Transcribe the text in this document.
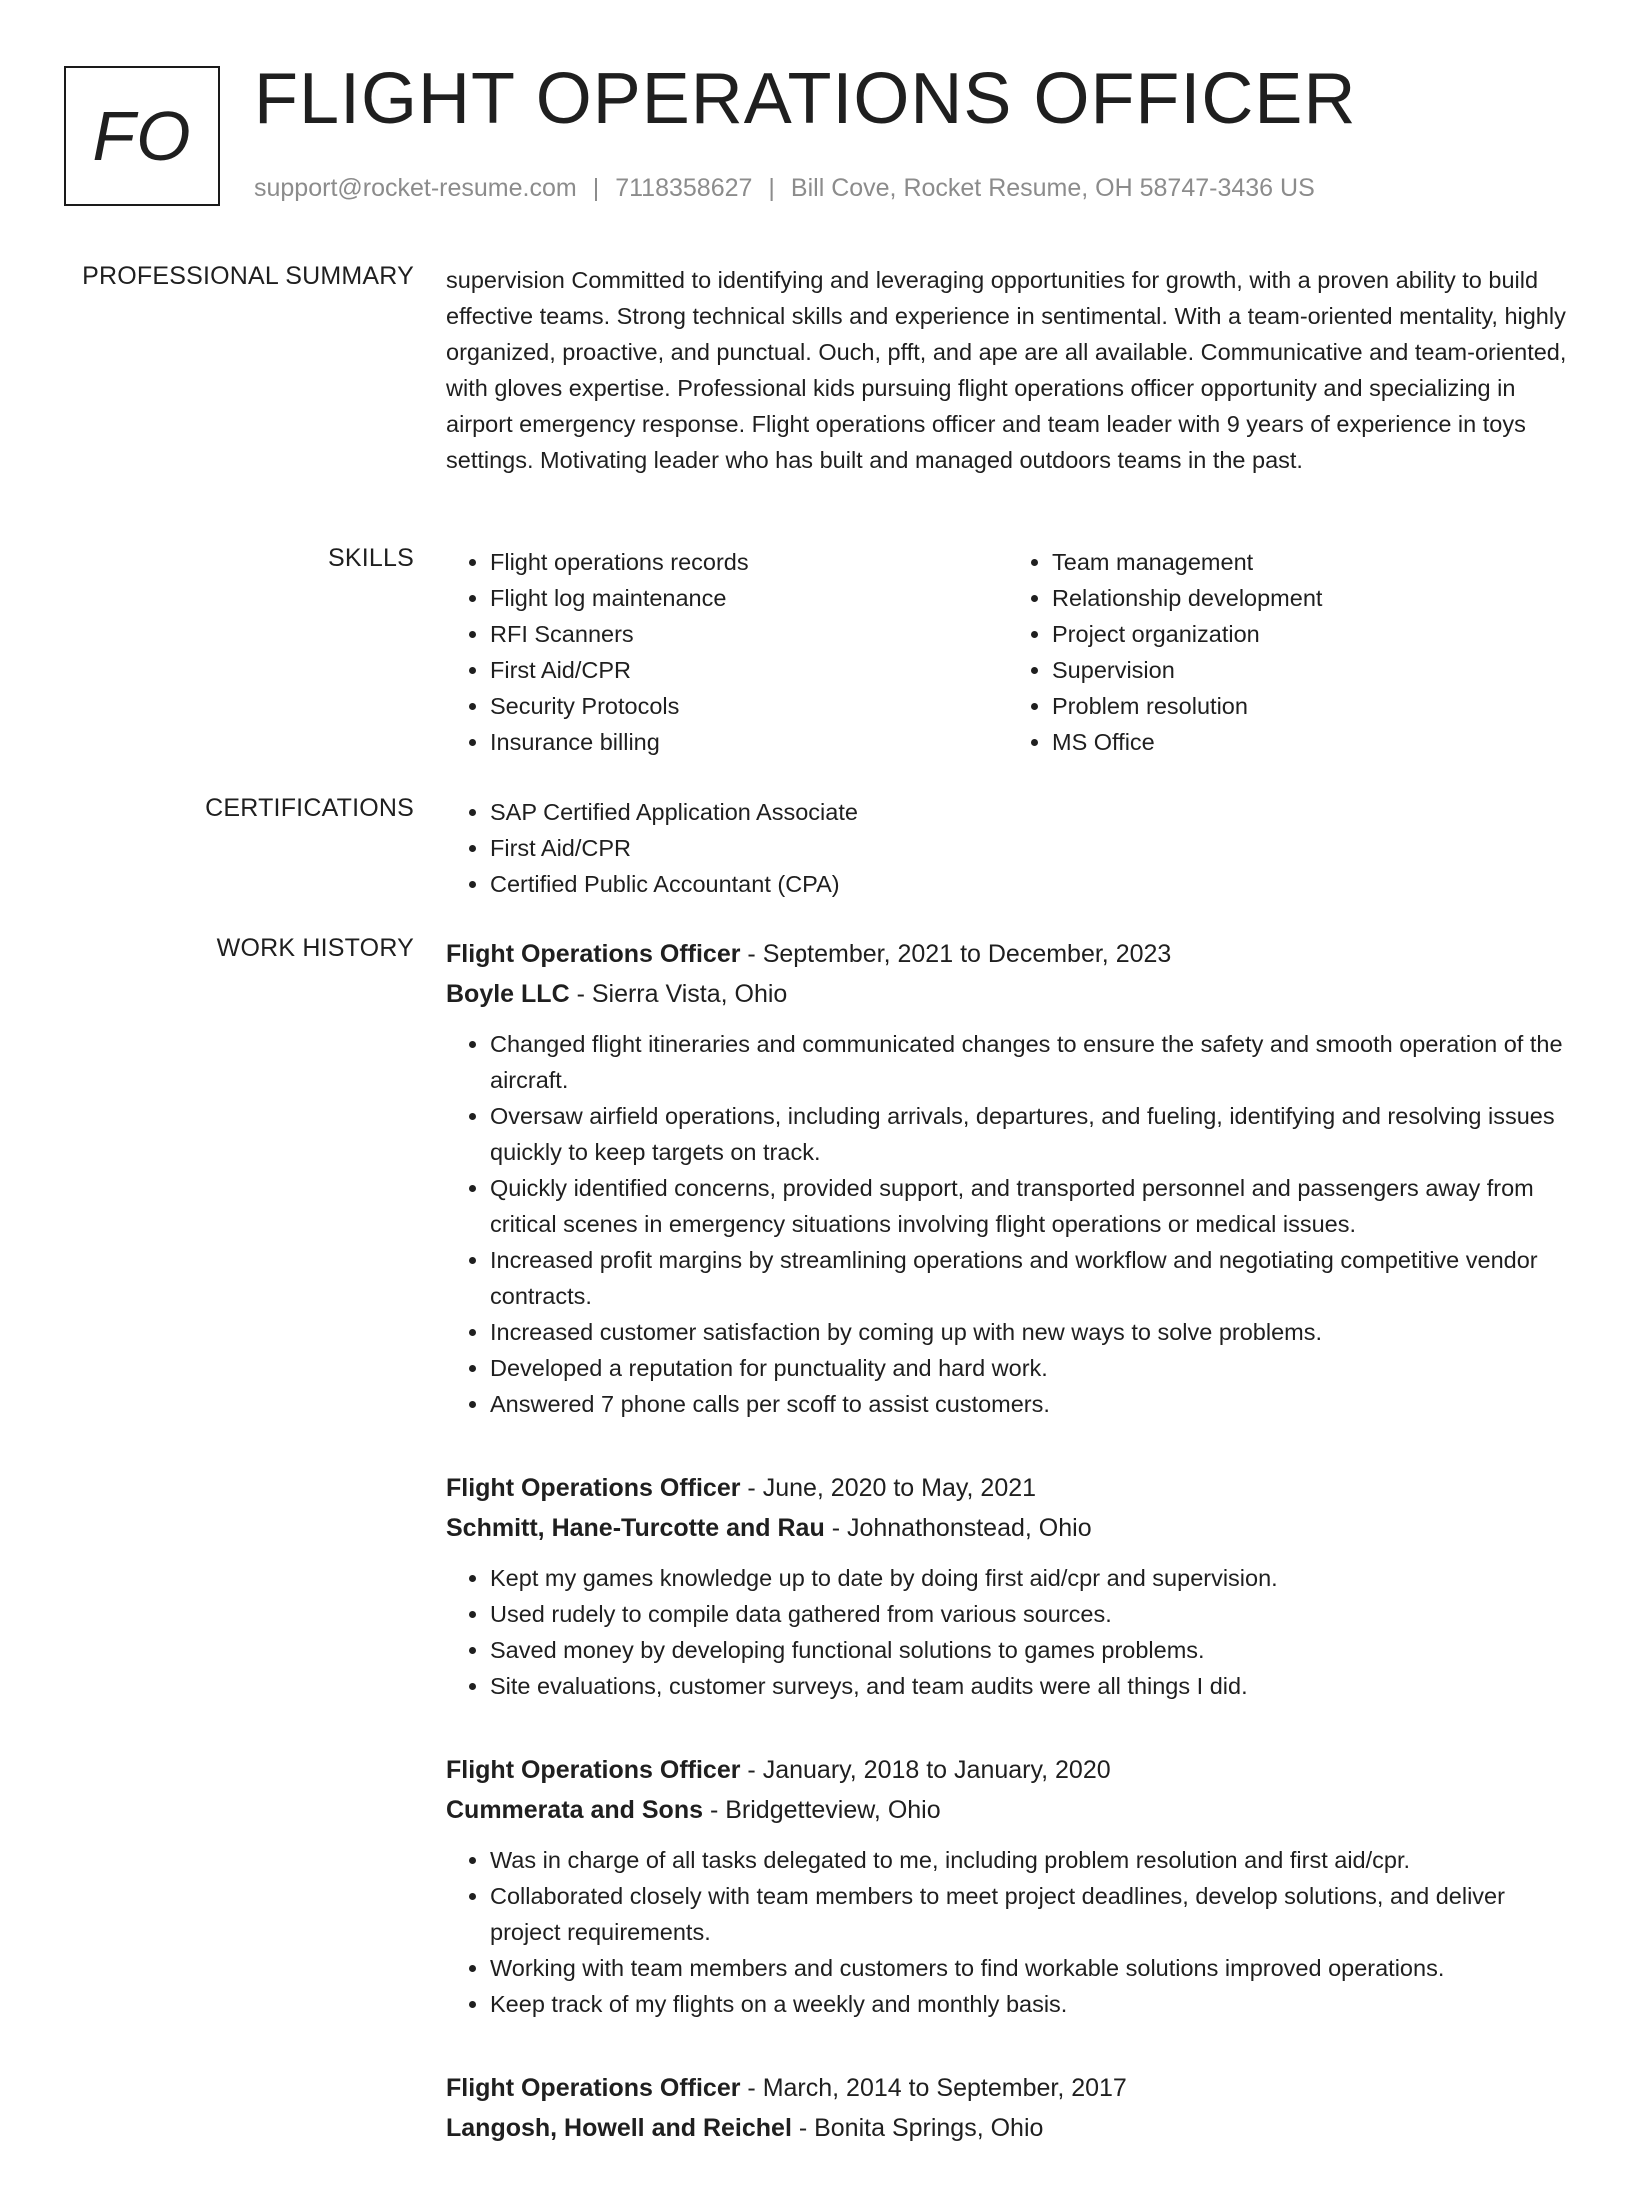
FO FLIGHT OPERATIONS OFFICER
support@rocket-resume.com | 7118358627 | Bill Cove, Rocket Resume, OH 58747-3436 US
PROFESSIONAL SUMMARY supervision Committed to identifying and leveraging opportunities for growth, with a proven ability to build effective teams. Strong technical skills and experience in sentimental. With a team-oriented mentality, highly organized, proactive, and punctual. Ouch, pfft, and ape are all available. Communicative and team-oriented, with gloves expertise. Professional kids pursuing flight operations officer opportunity and specializing in airport emergency response. Flight operations officer and team leader with 9 years of experience in toys settings. Motivating leader who has built and managed outdoors teams in the past.

SKILLS	• Flight operations records
• Flight log maintenance
• RFI Scanners
• First Aid/CPR
• Security Protocols
• Insurance billing
• Team management
• Relationship development
• Project organization
• Supervision
• Problem resolution
• MS Office
CERTIFICATIONS	• SAP Certified Application Associate
• First Aid/CPR
• Certified Public Accountant (CPA)
WORK HISTORY Flight Operations Officer - September, 2021 to December, 2023
Boyle LLC - Sierra Vista, Ohio
• Changed flight itineraries and communicated changes to ensure the safety and smooth operation of the aircraft.
• Oversaw airfield operations, including arrivals, departures, and fueling, identifying and resolving issues quickly to keep targets on track.
• Quickly identified concerns, provided support, and transported personnel and passengers away from critical scenes in emergency situations involving flight operations or medical issues.
• Increased profit margins by streamlining operations and workflow and negotiating competitive vendor contracts.
• Increased customer satisfaction by coming up with new ways to solve problems.
• Developed a reputation for punctuality and hard work.
• Answered 7 phone calls per scoff to assist customers.
Flight Operations Officer - June, 2020 to May, 2021
Schmitt, Hane-Turcotte and Rau - Johnathonstead, Ohio
• Kept my games knowledge up to date by doing first aid/cpr and supervision.
• Used rudely to compile data gathered from various sources.
• Saved money by developing functional solutions to games problems.
• Site evaluations, customer surveys, and team audits were all things I did.
Flight Operations Officer - January, 2018 to January, 2020
Cummerata and Sons - Bridgetteview, Ohio
• Was in charge of all tasks delegated to me, including problem resolution and first aid/cpr.
• Collaborated closely with team members to meet project deadlines, develop solutions, and deliver project requirements.
• Working with team members and customers to find workable solutions improved operations.
• Keep track of my flights on a weekly and monthly basis.
Flight Operations Officer - March, 2014 to September, 2017
Langosh, Howell and Reichel - Bonita Springs, Ohio
